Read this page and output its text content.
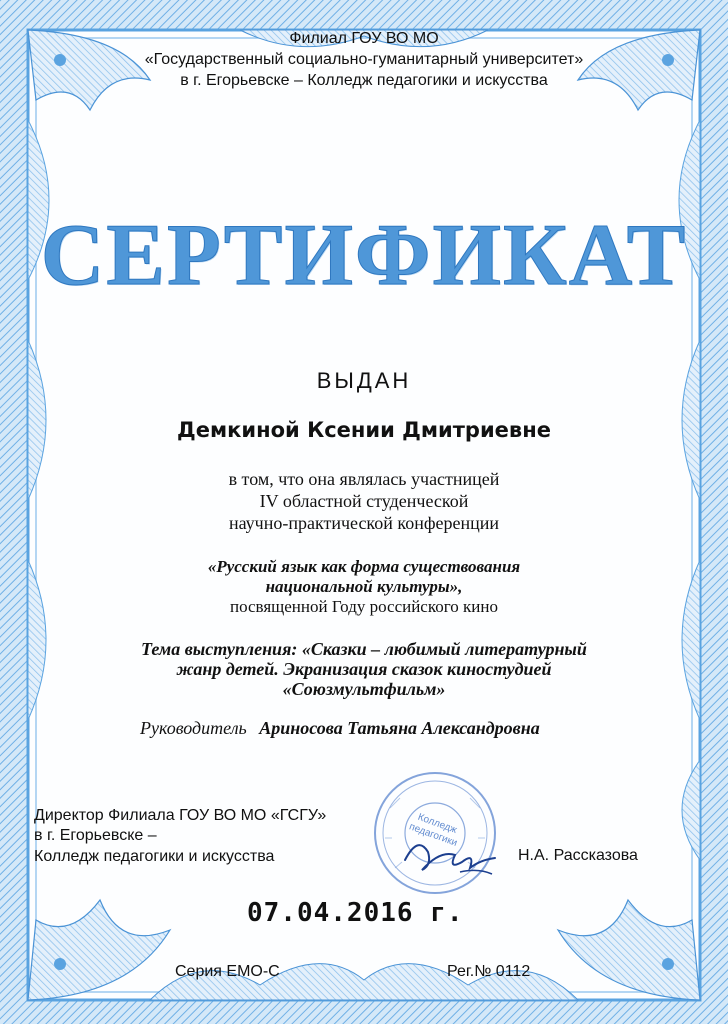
Филиал ГОУ ВО МО
«Государственный социально-гуманитарный университет»
в г. Егорьевске – Колледж педагогики и искусства
СЕРТИФИКАТ
ВЫДАН
Демкиной Ксении Дмитриевне
в том, что она являлась участницей
IV областной студенческой
научно-практической конференции
«Русский язык как форма существования
национальной культуры»,
посвященной Году российского кино
Тема выступления: «Сказки – любимый литературный
жанр детей. Экранизация сказок киностудией
«Союзмультфильм»
Руководитель Ариносова Татьяна Александровна
Колледж педагогики
Директор Филиала ГОУ ВО МО «ГСГУ»
в г. Егорьевске –
Колледж педагогики и искусства	Н.А. Рассказова
07.04.2016 г.
Серия ЕМО-С	Рег.№ 0112
